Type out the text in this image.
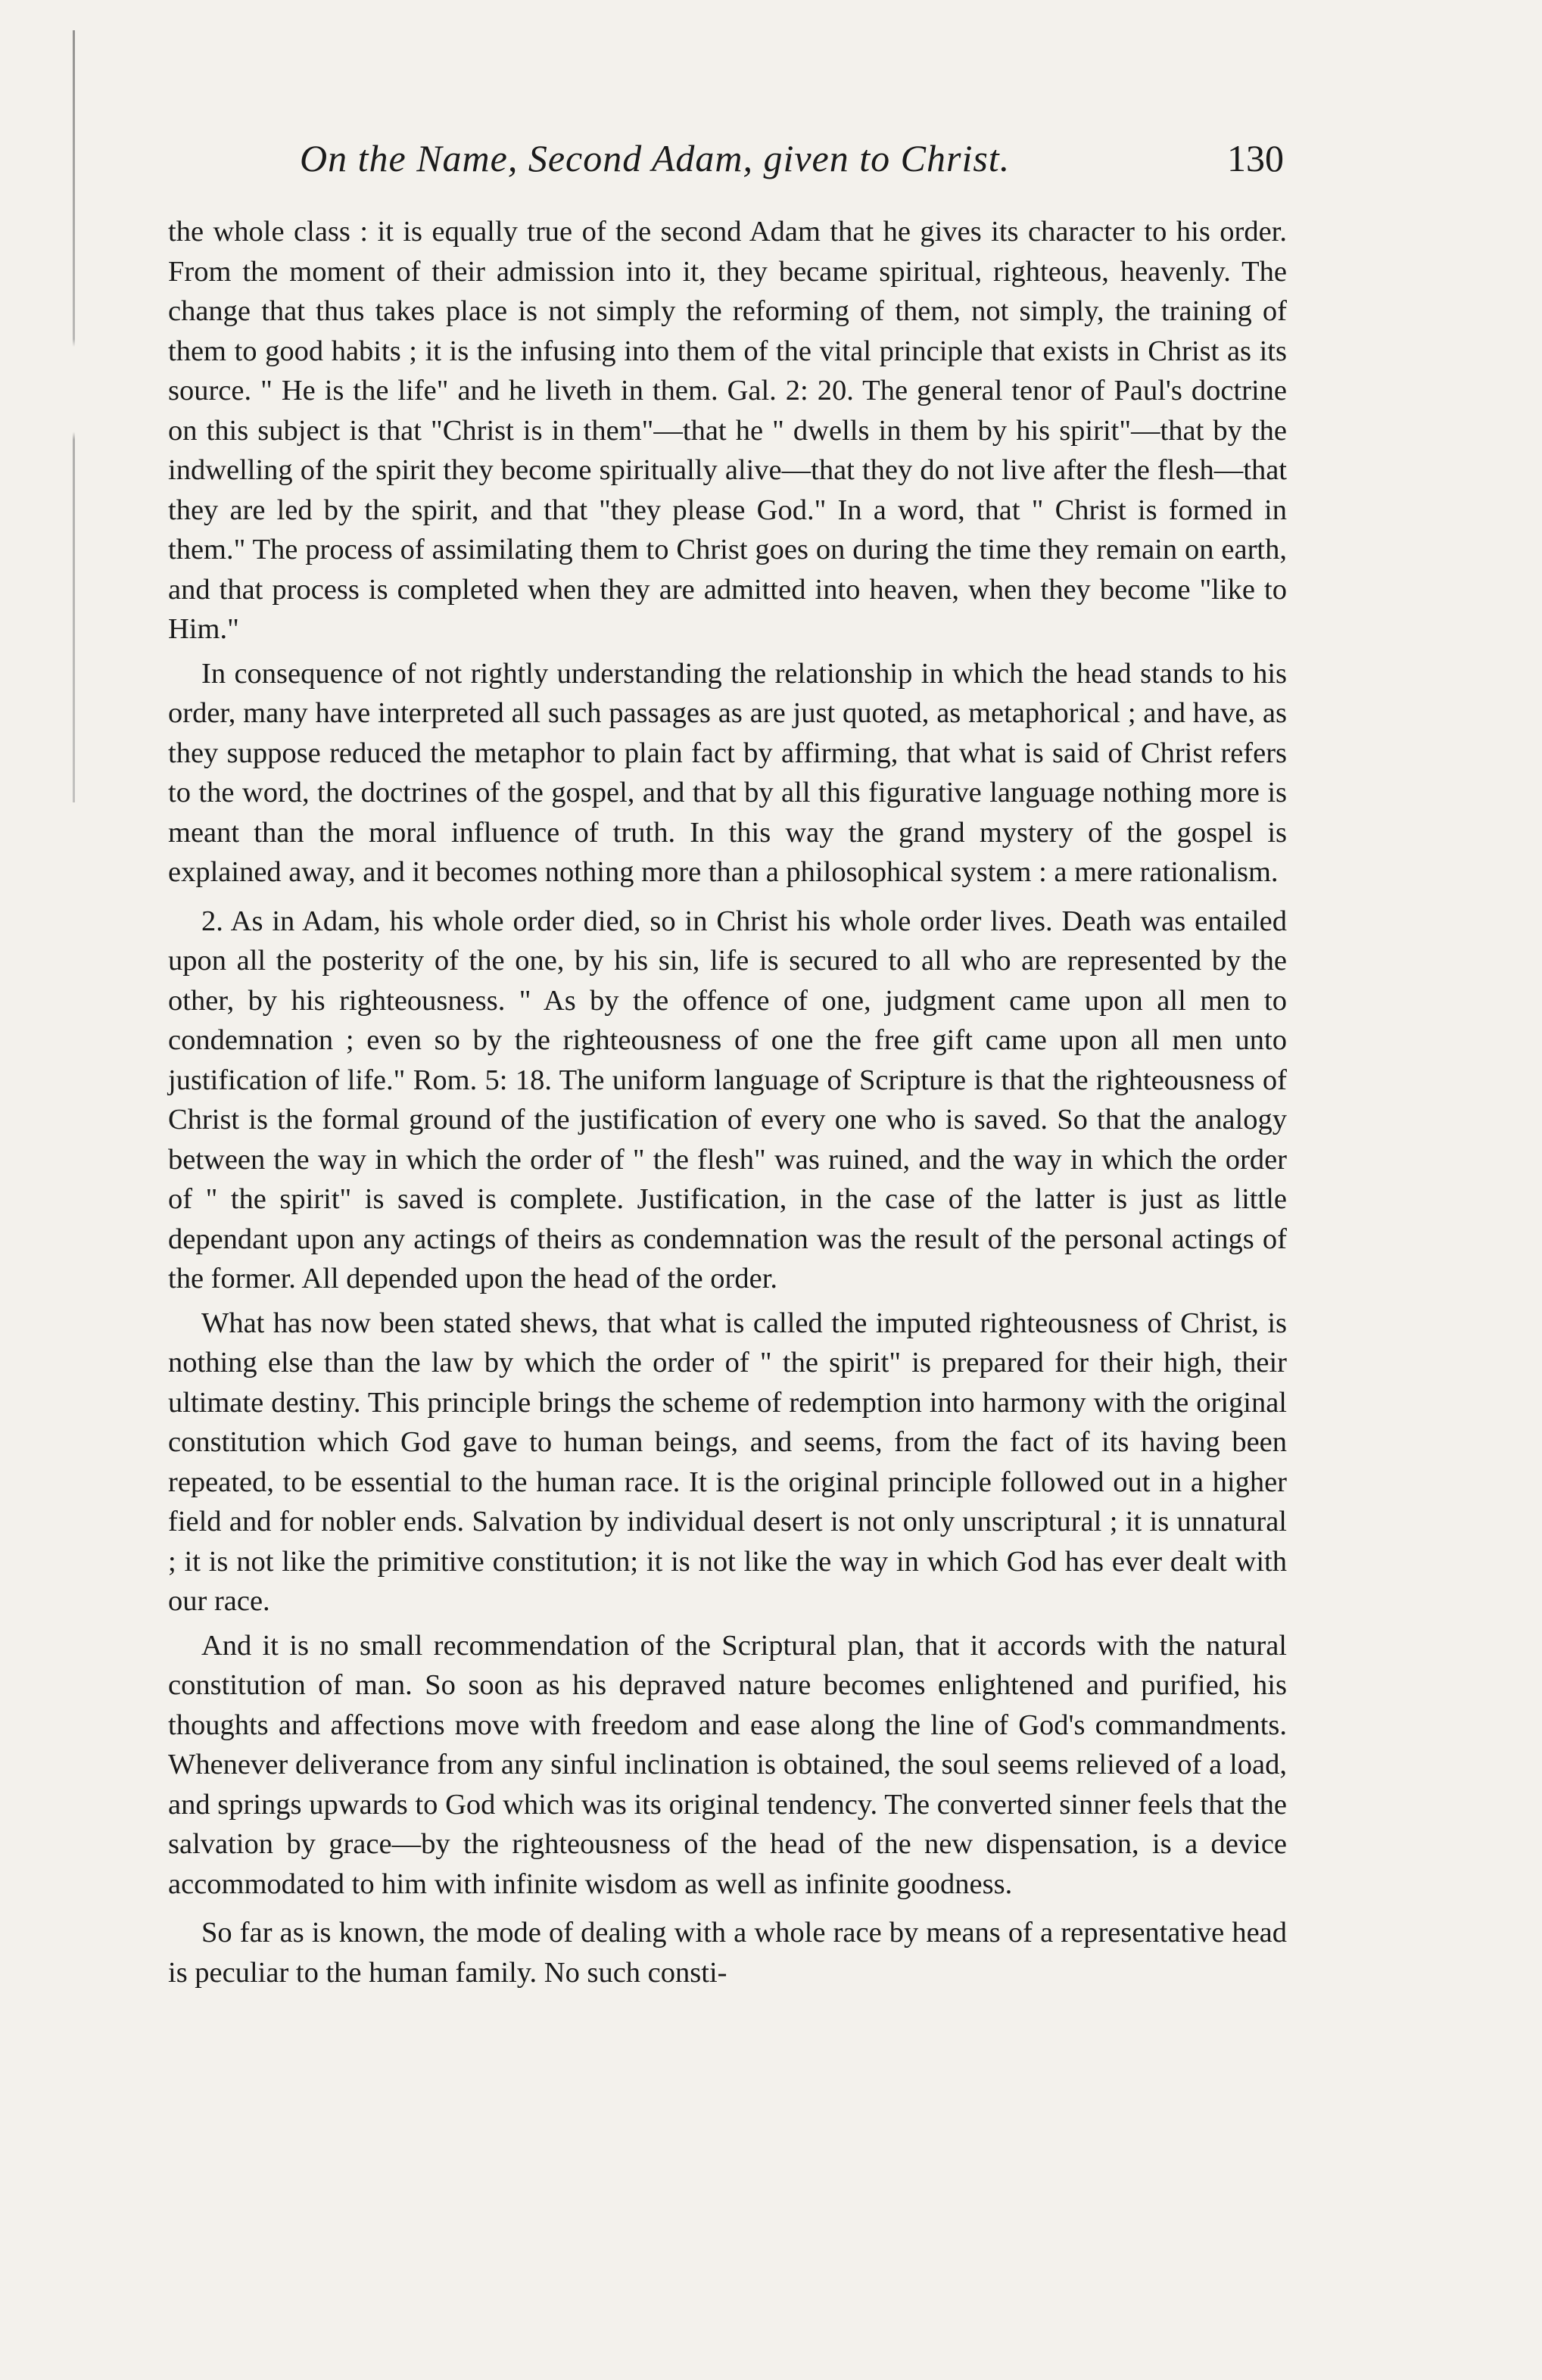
On the Name, Second Adam, given to Christ.	130

the whole class : it is equally true of the second Adam that he gives its character to his order. From the moment of their admission into it, they became spiritual, righteous, heavenly. The change that thus takes place is not simply the reforming of them, not simply, the training of them to good habits ; it is the infusing into them of the vital principle that exists in Christ as its source. " He is the life" and he liveth in them. Gal. 2: 20. The general tenor of Paul's doctrine on this subject is that "Christ is in them"—that he " dwells in them by his spirit"—that by the indwelling of the spirit they become spiritually alive—that they do not live after the flesh—that they are led by the spirit, and that "they please God." In a word, that " Christ is formed in them." The process of assimilating them to Christ goes on during the time they remain on earth, and that process is completed when they are admitted into heaven, when they become "like to Him."

In consequence of not rightly understanding the relationship in which the head stands to his order, many have interpreted all such passages as are just quoted, as metaphorical ; and have, as they suppose reduced the metaphor to plain fact by affirming, that what is said of Christ refers to the word, the doctrines of the gospel, and that by all this figurative language nothing more is meant than the moral influence of truth. In this way the grand mystery of the gospel is explained away, and it becomes nothing more than a philosophical system : a mere rationalism.

2. As in Adam, his whole order died, so in Christ his whole order lives. Death was entailed upon all the posterity of the one, by his sin, life is secured to all who are represented by the other, by his righteousness. " As by the offence of one, judgment came upon all men to condemnation ; even so by the righteousness of one the free gift came upon all men unto justification of life." Rom. 5: 18. The uniform language of Scripture is that the righteousness of Christ is the formal ground of the justification of every one who is saved. So that the analogy between the way in which the order of " the flesh" was ruined, and the way in which the order of " the spirit" is saved is complete. Justification, in the case of the latter is just as little dependant upon any actings of theirs as condemnation was the result of the personal actings of the former. All depended upon the head of the order.

What has now been stated shews, that what is called the imputed righteousness of Christ, is nothing else than the law by which the order of " the spirit" is prepared for their high, their ultimate destiny. This principle brings the scheme of redemption into harmony with the original constitution which God gave to human beings, and seems, from the fact of its having been repeated, to be essential to the human race. It is the original principle followed out in a higher field and for nobler ends. Salvation by individual desert is not only unscriptural ; it is unnatural ; it is not like the primitive constitution; it is not like the way in which God has ever dealt with our race.

And it is no small recommendation of the Scriptural plan, that it accords with the natural constitution of man. So soon as his depraved nature becomes enlightened and purified, his thoughts and affections move with freedom and ease along the line of God's commandments. Whenever deliverance from any sinful inclination is obtained, the soul seems relieved of a load, and springs upwards to God which was its original tendency. The converted sinner feels that the salvation by grace—by the righteousness of the head of the new dispensation, is a device accommodated to him with infinite wisdom as well as infinite goodness.

So far as is known, the mode of dealing with a whole race by means of a representative head is peculiar to the human family. No such consti-
